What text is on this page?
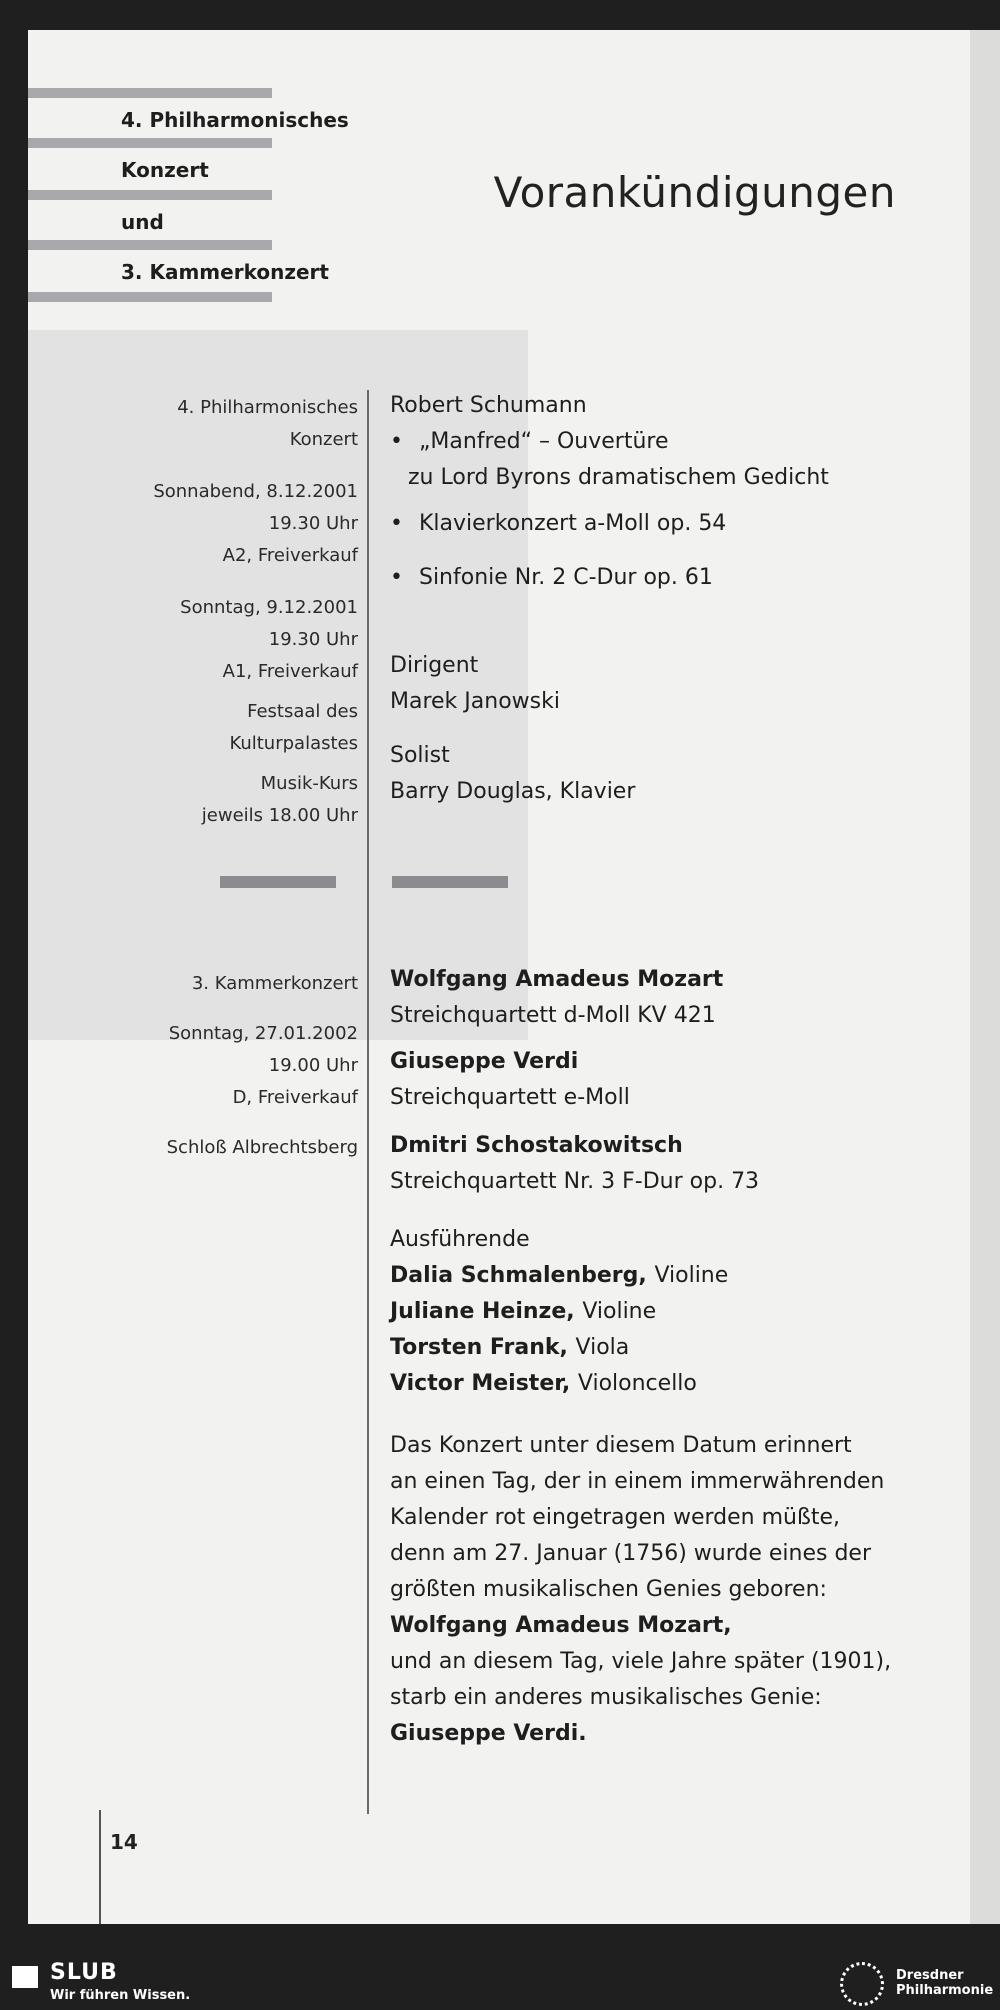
4. Philharmonisches
Konzert
und
3. Kammerkonzert
Vorankündigungen
4. Philharmonisches
Konzert
Sonnabend, 8.12.2001
19.30 Uhr
A2, Freiverkauf
Sonntag, 9.12.2001
19.30 Uhr
A1, Freiverkauf
Festsaal des
Kulturpalastes
Musik-Kurs
jeweils 18.00 Uhr
Robert Schumann
• „Manfred“ – Ouvertüre
zu Lord Byrons dramatischem Gedicht
• Klavierkonzert a-Moll op. 54
• Sinfonie Nr. 2 C-Dur op. 61
Dirigent
Marek Janowski
Solist
Barry Douglas, Klavier
3. Kammerkonzert
Sonntag, 27.01.2002
19.00 Uhr
D, Freiverkauf
Schloß Albrechtsberg
Wolfgang Amadeus Mozart
Streichquartett d-Moll KV 421
Giuseppe Verdi
Streichquartett e-Moll
Dmitri Schostakowitsch
Streichquartett Nr. 3 F-Dur op. 73
Ausführende
Dalia Schmalenberg, Violine
Juliane Heinze, Violine
Torsten Frank, Viola
Victor Meister, Violoncello
Das Konzert unter diesem Datum erinnert
an einen Tag, der in einem immerwährenden
Kalender rot eingetragen werden müßte,
denn am 27. Januar (1756) wurde eines der
größten musikalischen Genies geboren:
Wolfgang Amadeus Mozart,
und an diesem Tag, viele Jahre später (1901),
starb ein anderes musikalisches Genie:
Giuseppe Verdi.
14
SLUB
Wir führen Wissen.
Dresdner
Philharmonie
